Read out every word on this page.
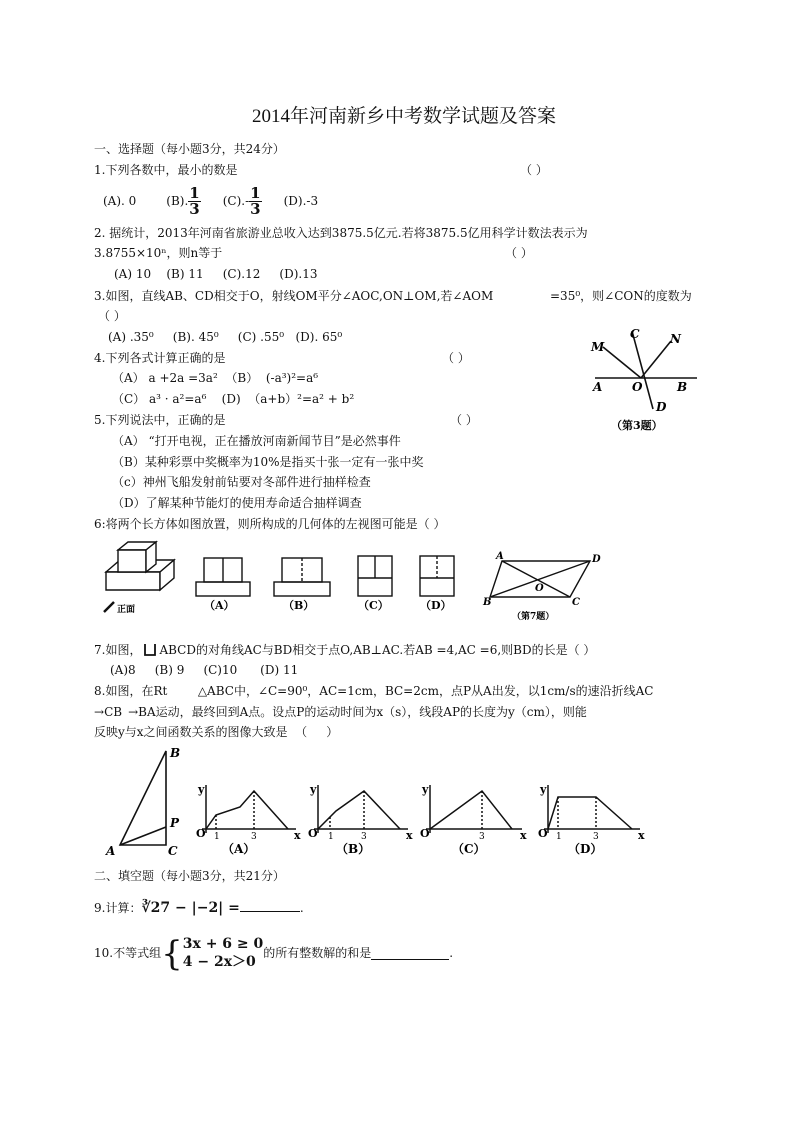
2014年河南新乡中考数学试题及答案
一、选择题（每小题3分，共24分）
1.下列各数中，最小的数是	（ ）
(A). 0	(B). $\frac{1}{3} (C).- \frac{1}{3} (D).-3$
2. 据统计，2013年河南省旅游业总收入达到3875.5亿元.若将3875.5亿用科学计数法表示为
3.8755×10ⁿ，则n等于	（ ）
(A) 10    (B) 11     (C).12     (D).13
3.如图，直线AB、CD相交于O，射线OM平分∠AOC,ON⊥OM,若∠AOM	=35⁰，则∠CON的度数为
（ ）
(A) .35⁰     (B). 45⁰     (C) .55⁰   (D). 65⁰
M
C	N
A O	B
D
（第3题）
4.下列各式计算正确的是	（ ）
（A） a +2a =3a²  （B）  (-a³)²=a⁶
（C） a³ · a²=a⁶    (D)  （a+b）²=a² + b²
5.下列说法中，正确的是	（ ）
（A） “打开电视，正在播放河南新闻节目”是必然事件
（B）某种彩票中奖概率为10%是指买十张一定有一张中奖
（c）神州飞船发射前钻要对冬部件进行抽样检查
（D）了解某种节能灯的使用寿命适合抽样调查
6:将两个长方体如图放置，则所构成的几何体的左视图可能是（ ）
正面	（A）	（B）	（C）	（D）
A	D
O
B	C
（第7题）
7.如图， ABCD的对角线AC与BD相交于点O,AB⊥AC.若AB =4,AC =6,则BD的长是（ ）
(A)8     (B) 9     (C)10      (D) 11
8.如图，在Rt        △ABC中，∠C=90⁰，AC=1cm，BC=2cm，点P从A出发，以1cm/s的速沿折线AC
→ CB → BA运动，最终回到A点。设点P的运动时间为x（s），线段AP的长度为y（cm），则能
反映y与x之间函数关系的图像大致是  （     ）
B
P
A	C
y
O 1	3	x
（A）
y
O 1	3	x
（B）
y
O	3	x
（C）
y
O 1	3	x
（D）
二、填空题（每小题3分，共21分）
9.计算： ∛27 − |−2| =	.
10.不等式组 { 3x + 6 ≥ 0
4 − 2x＞0
的所有整数解的和是	.
